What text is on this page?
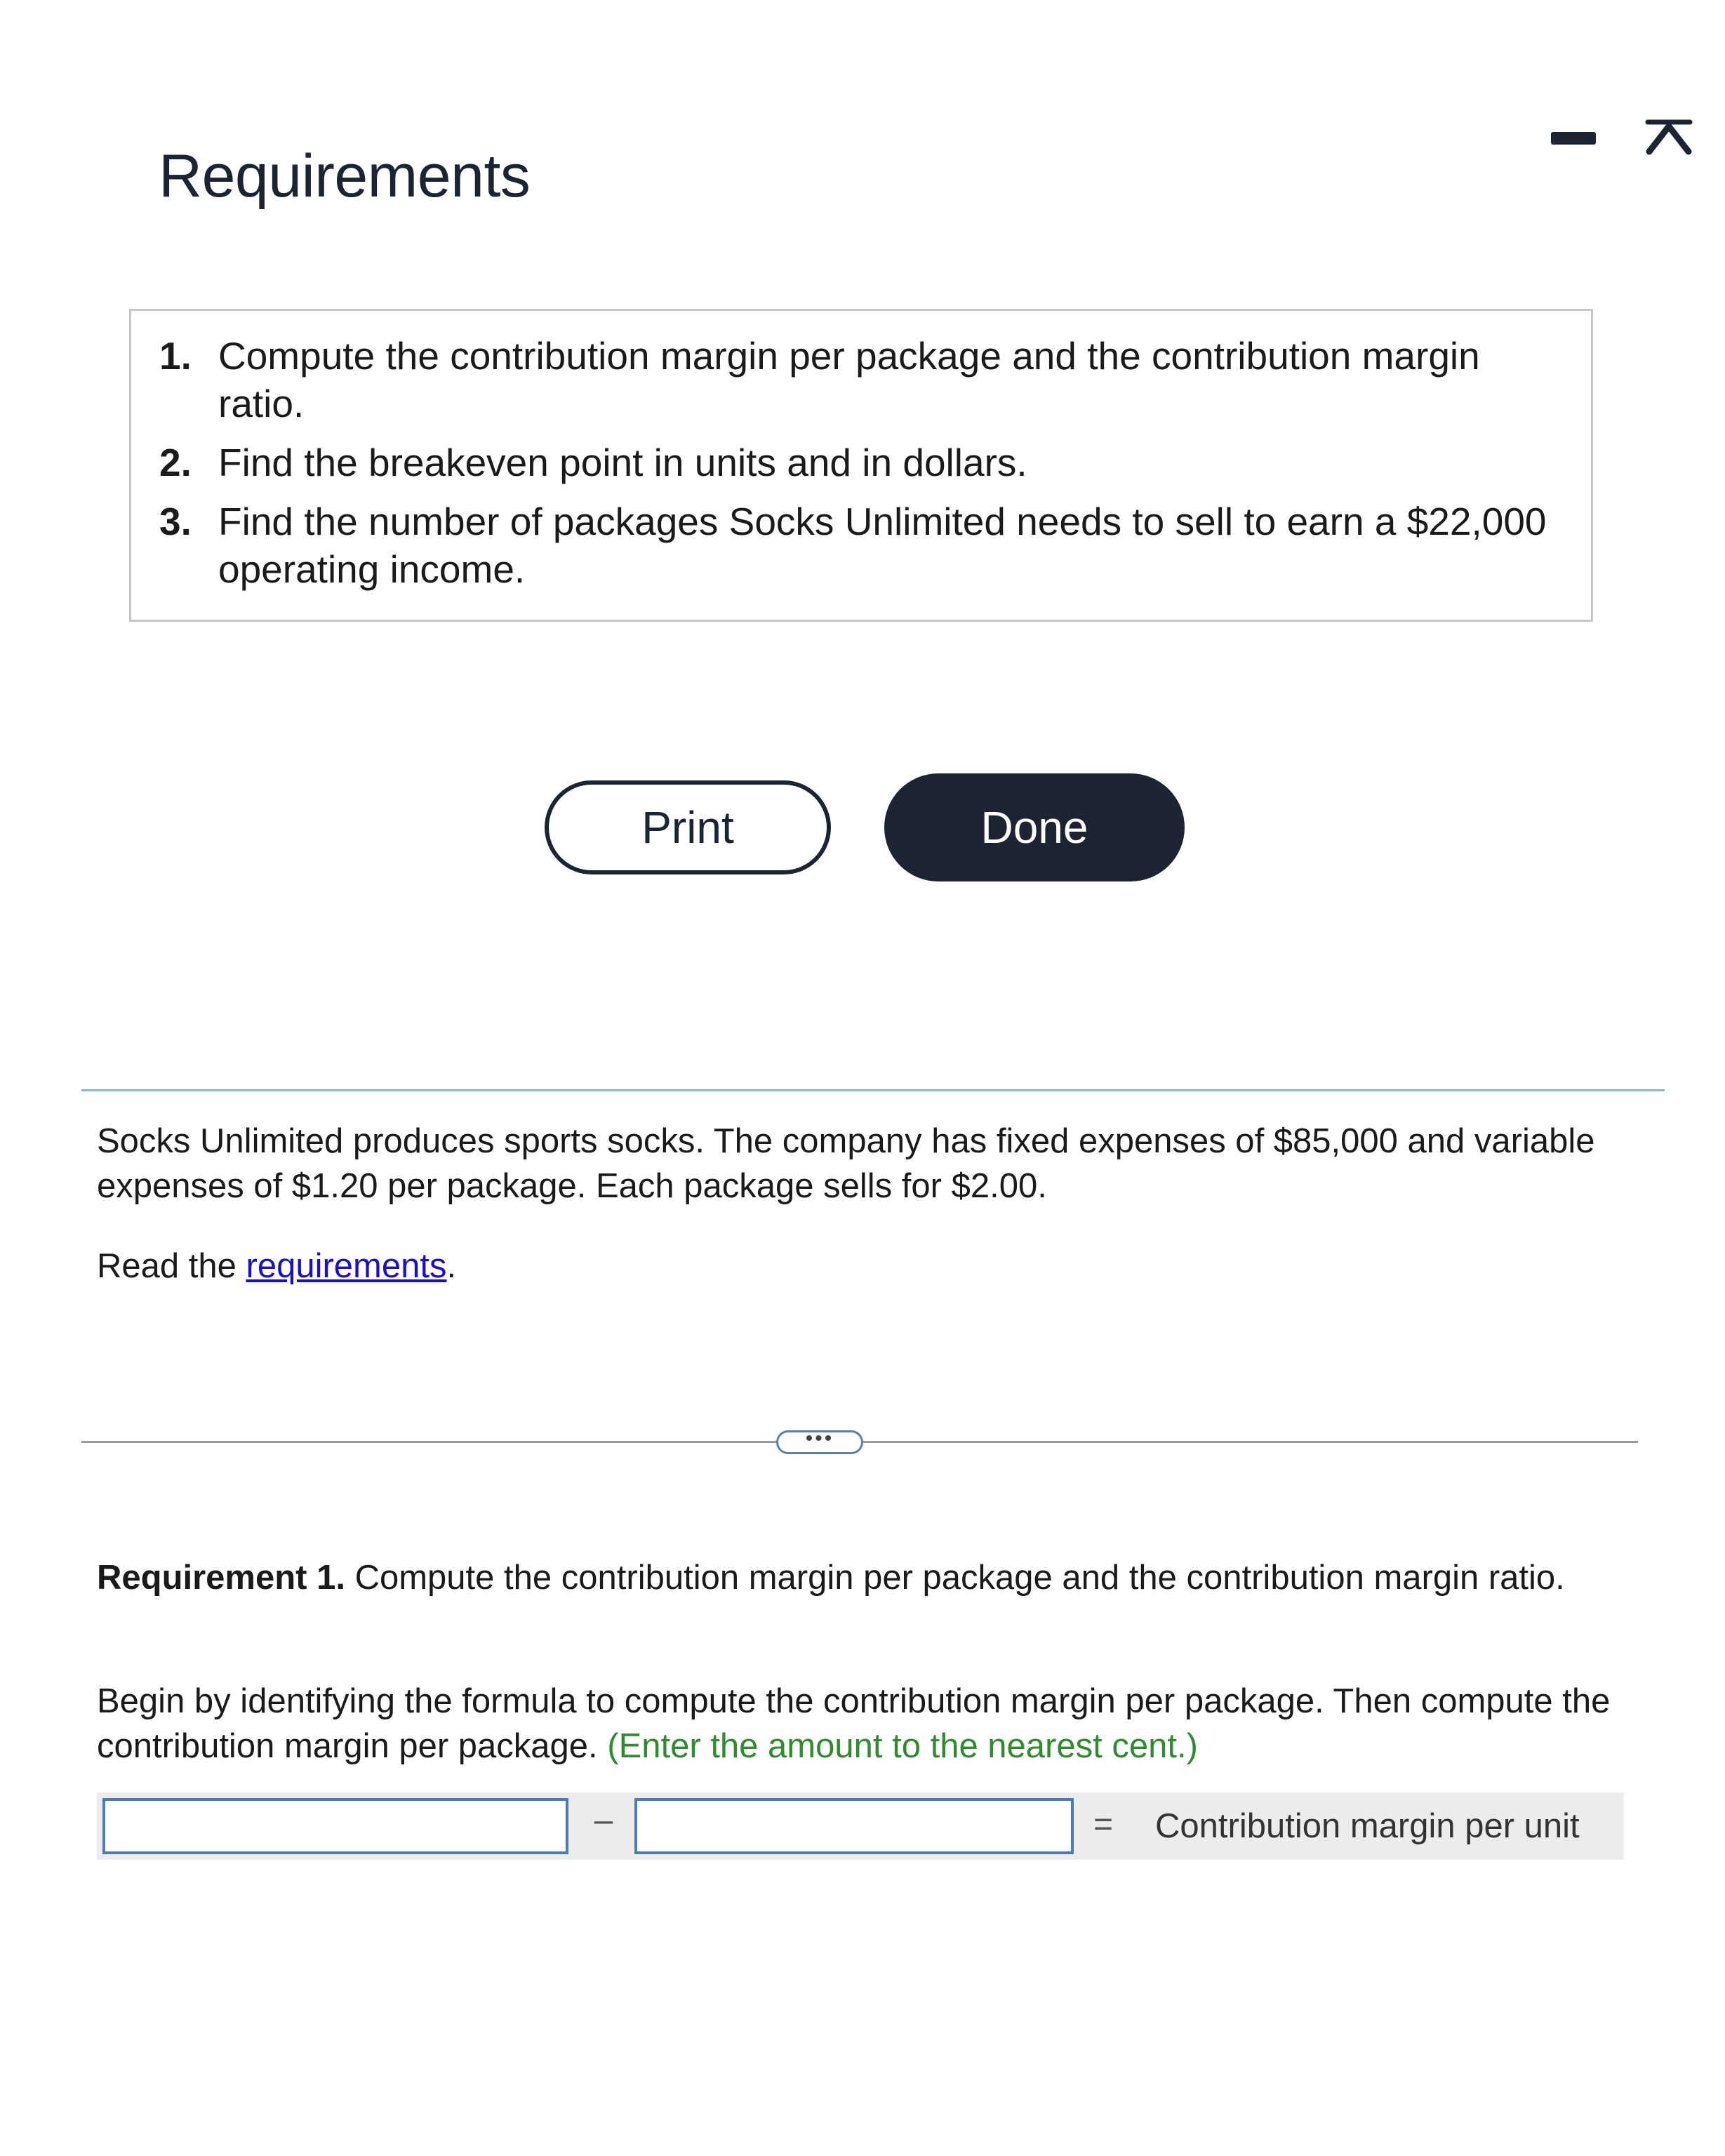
Requirements
1. Compute the contribution margin per package and the contribution margin ratio.
2. Find the breakeven point in units and in dollars.
3. Find the number of packages Socks Unlimited needs to sell to earn a $22,000 operating income.
Print	Done

Socks Unlimited produces sports socks. The company has fixed expenses of $85,000 and variable expenses of $1.20 per package. Each package sells for $2.00.

Read the requirements.

•••

Requirement 1. Compute the contribution margin per package and the contribution margin ratio.

Begin by identifying the formula to compute the contribution margin per package. Then compute the contribution margin per package. (Enter the amount to the nearest cent.)

–	= Contribution margin per unit
